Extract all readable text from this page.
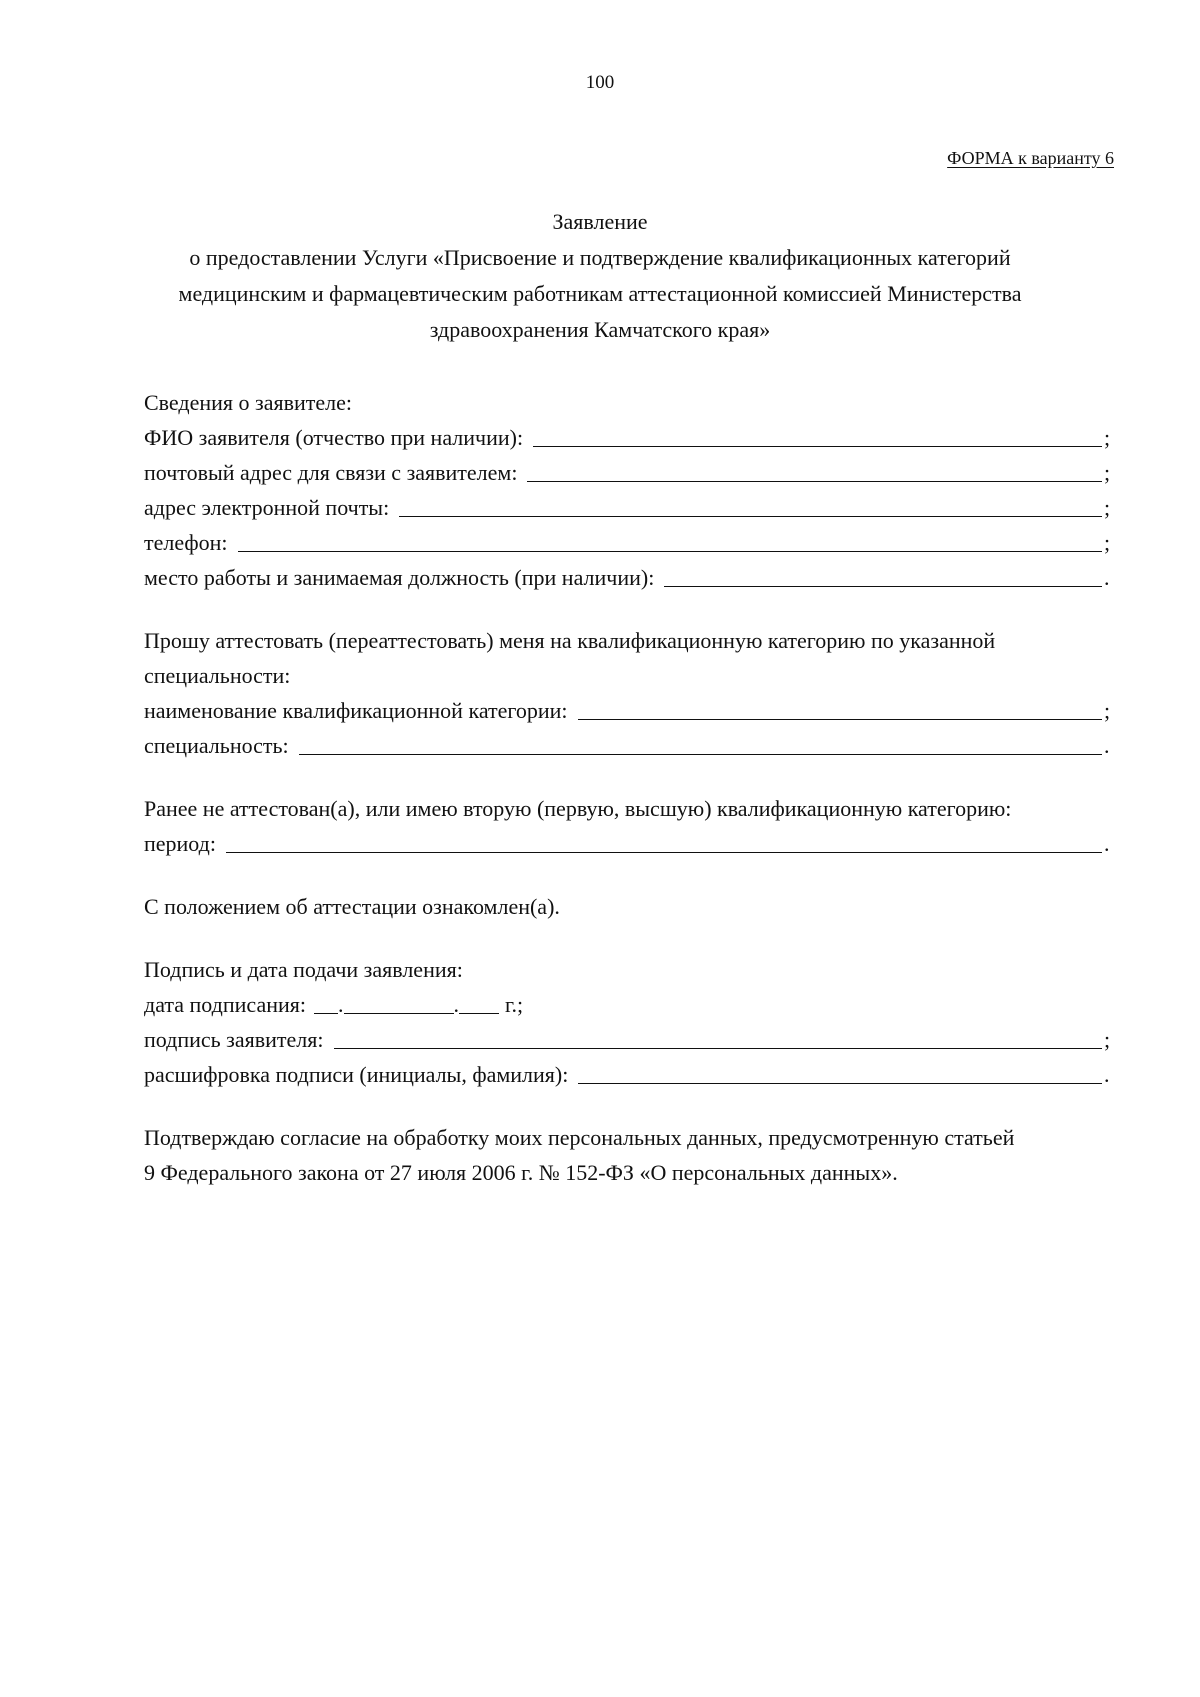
100
ФОРМА к варианту 6
Заявление
о предоставлении Услуги «Присвоение и подтверждение квалификационных категорий
медицинским и фармацевтическим работникам аттестационной комиссией Министерства
здравоохранения Камчатского края»
Сведения о заявителе:
ФИО заявителя (отчество при наличии):	;
почтовый адрес для связи с заявителем:	;
адрес электронной почты:	;
телефон:	;
место работы и занимаемая должность (при наличии):	.
Прошу аттестовать (переаттестовать) меня на квалификационную категорию по указанной
специальности:
наименование квалификационной категории:	;
специальность:	.
Ранее не аттестован(а), или имею вторую (первую, высшую) квалификационную категорию:
период:	.
С положением об аттестации ознакомлен(а).
Подпись и дата подачи заявления:
дата подписания: .	. г.;
подпись заявителя:	;
расшифровка подписи (инициалы, фамилия):	.
Подтверждаю согласие на обработку моих персональных данных, предусмотренную статьей
9 Федерального закона от 27 июля 2006 г. № 152-ФЗ «О персональных данных».
